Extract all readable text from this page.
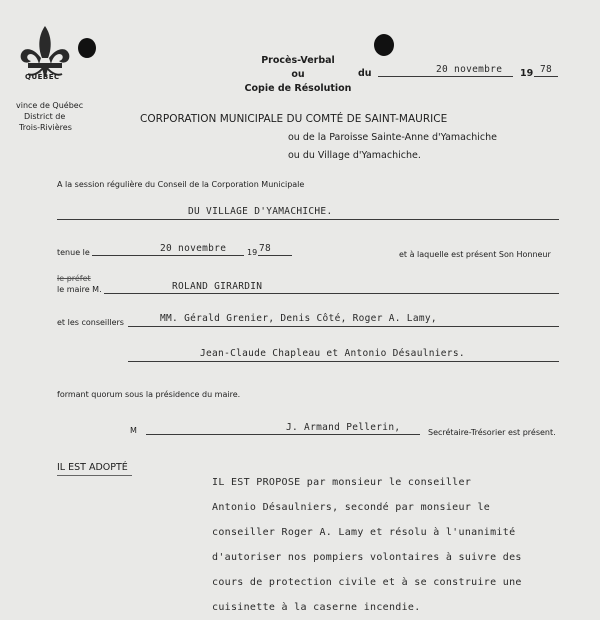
QUÉBEC
vince de Québec
District de
Trois-Rivières
Procès-Verbal
ou
Copie de Résolution
du	20 novembre 19 78
CORPORATION MUNICIPALE DU COMTÉ DE SAINT-MAURICE
ou de la Paroisse Sainte-Anne d'Yamachiche
ou du Village d'Yamachiche.
A la session régulière du Conseil de la Corporation Municipale
DU VILLAGE D'YAMACHICHE.
tenue le	20 novembre	19 78
et à laquelle est présent Son Honneur
le préfet
le maire M.	ROLAND GIRARDIN
et les conseillers	MM. Gérald Grenier, Denis Côté, Roger A. Lamy,
Jean-Claude Chapleau et Antonio Désaulniers.
formant quorum sous la présidence du maire.
M	J. Armand Pellerin,	Secrétaire-Trésorier est présent.
IL EST ADOPTÉ
IL EST PROPOSE par monsieur le conseiller
Antonio Désaulniers, secondé par monsieur le
conseiller Roger A. Lamy et résolu à l'unanimité
d'autoriser nos pompiers volontaires à suivre des
cours de protection civile et à se construire une
cuisinette à la caserne incendie.
